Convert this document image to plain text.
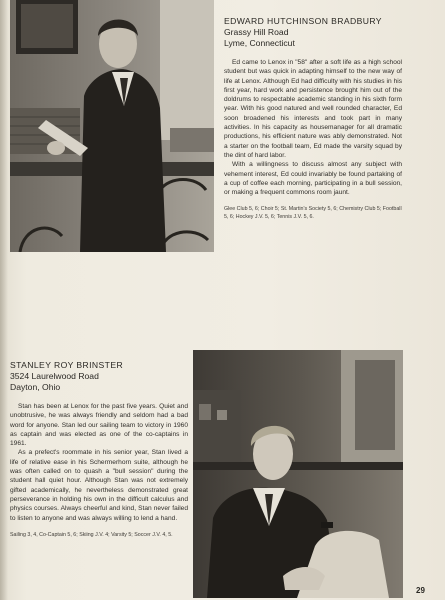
EDWARD HUTCHINSON BRADBURY
Grassy Hill Road
Lyme, Connecticut

Ed came to Lenox in "58" after a soft life as a high school student but was quick in adapting himself to the new way of life at Lenox. Although Ed had difficulty with his studies in his first year, hard work and persistence brought him out of the doldrums to respectable academic standing in his sixth form year. With his good natured and well rounded character, Ed soon broadened his interests and took part in many activities. In his capacity as housemanager for all dramatic productions, his efficient nature was ably demonstrated. Not a starter on the football team, Ed made the varsity squad by the dint of hard labor.

With a willingness to discuss almost any subject with vehement interest, Ed could invariably be found partaking of a cup of coffee each morning, participating in a bull session, or making a frequent commons room jaunt.

Glee Club 5, 6; Choir 5; St. Martin's Society 5, 6; Chemistry Club 5; Football 5, 6; Hockey J.V. 5, 6; Tennis J.V. 5, 6.
STANLEY ROY BRINSTER
3524 Laurelwood Road
Dayton, Ohio

Stan has been at Lenox for the past five years. Quiet and unobtrusive, he was always friendly and seldom had a bad word for anyone. Stan led our sailing team to victory in 1960 as captain and was elected as one of the co-captains in 1961.

As a prefect's roommate in his senior year, Stan lived a life of relative ease in his Schermerhorn suite, although he was often called on to quash a "bull session" during the student hall quiet hour. Although Stan was not extremely gifted academically, he nevertheless demonstrated great perseverance in holding his own in the difficult calculus and physics courses. Always cheerful and kind, Stan never failed to listen to anyone and was always willing to lend a hand.

Sailing 3, 4, Co-Captain 5, 6; Skiing J.V. 4; Varsity 5; Soccer J.V. 4, 5.
29
